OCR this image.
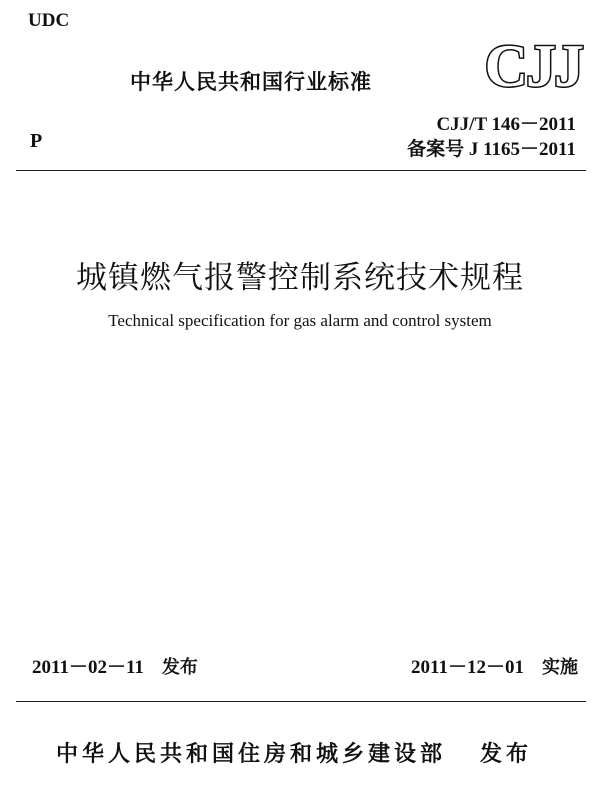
UDC
中华人民共和国行业标准 CJJ
P
CJJ/T 146－2011
备案号 J 1165－2011
城镇燃气报警控制系统技术规程
Technical specification for gas alarm and control system
2011－02－11 发布	2011－12－01 实施
中华人民共和国住房和城乡建设部 发布
